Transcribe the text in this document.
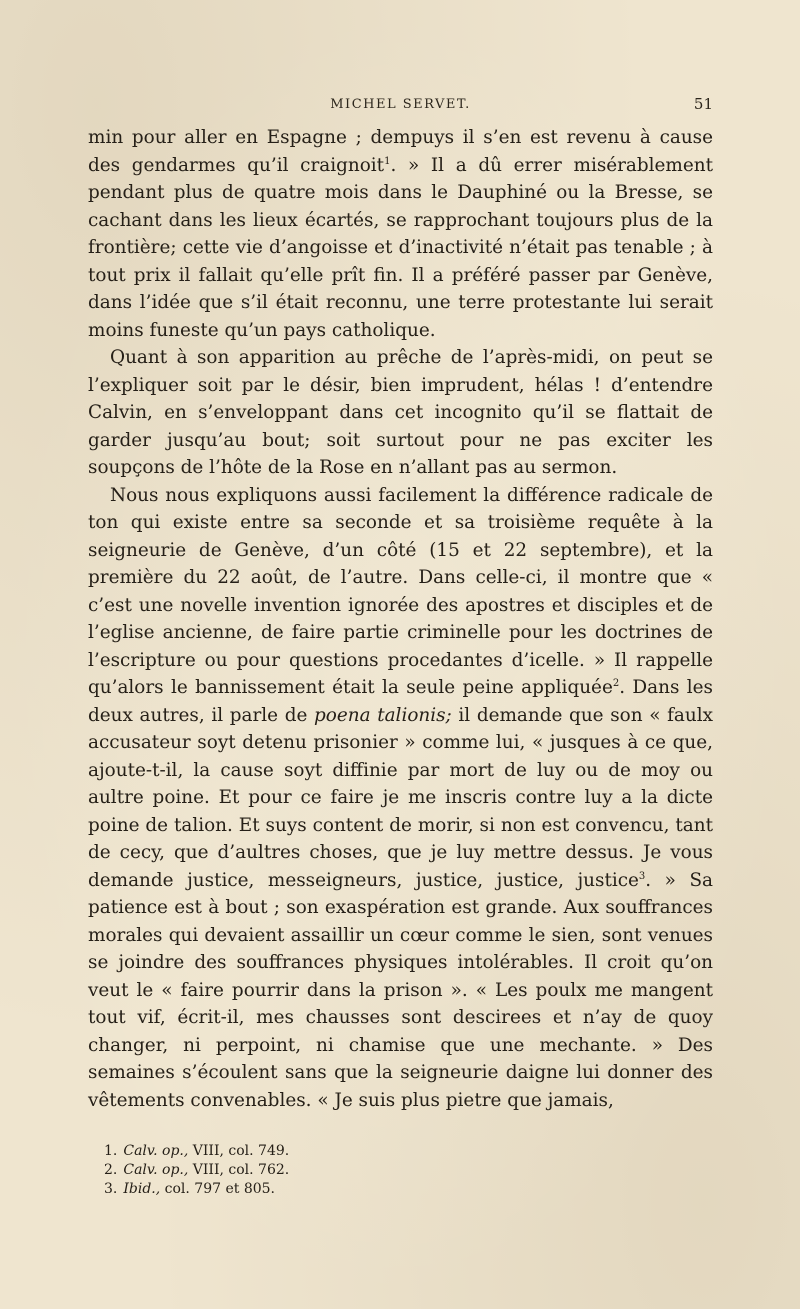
MICHEL SERVET.	51

min pour aller en Espagne ; dempuys il s’en est revenu à cause des gendarmes qu’il craignoit$^1$. » Il a dû errer misérablement pendant plus de quatre mois dans le Dauphiné ou la Bresse, se cachant dans les lieux écartés, se rapprochant toujours plus de la frontière; cette vie d’angoisse et d’inactivité n’était pas tenable ; à tout prix il fallait qu’elle prît fin. Il a préféré passer par Genève, dans l’idée que s’il était reconnu, une terre protestante lui serait moins funeste qu’un pays catholique.

Quant à son apparition au prêche de l’après-midi, on peut se l’expliquer soit par le désir, bien imprudent, hélas ! d’entendre Calvin, en s’enveloppant dans cet incognito qu’il se flattait de garder jusqu’au bout; soit surtout pour ne pas exciter les soupçons de l’hôte de la Rose en n’allant pas au sermon.

Nous nous expliquons aussi facilement la différence radicale de ton qui existe entre sa seconde et sa troisième requête à la seigneurie de Genève, d’un côté (15 et 22 septembre), et la première du 22 août, de l’autre. Dans celle-ci, il montre que « c’est une novelle invention ignorée des apostres et disciples et de l’eglise ancienne, de faire partie criminelle pour les doctrines de l’escripture ou pour questions procedantes d’icelle. » Il rappelle qu’alors le bannissement était la seule peine appliquée$^2$. Dans les deux autres, il parle de poena talionis; il demande que son « faulx accusateur soyt detenu prisonier » comme lui, « jusques à ce que, ajoute-t-il, la cause soyt diffinie par mort de luy ou de moy ou aultre poine. Et pour ce faire je me inscris contre luy a la dicte poine de talion. Et suys content de morir, si non est convencu, tant de cecy, que d’aultres choses, que je luy mettre dessus. Je vous demande justice, messeigneurs, justice, justice, justice$^3$. » Sa patience est à bout ; son exaspération est grande. Aux souffrances morales qui devaient assaillir un cœur comme le sien, sont venues se joindre des souffrances physiques intolérables. Il croit qu’on veut le « faire pourrir dans la prison ». « Les poulx me mangent tout vif, écrit-il, mes chausses sont descirees et n’ay de quoy changer, ni perpoint, ni chamise que une mechante. » Des semaines s’écoulent sans que la seigneurie daigne lui donner des vêtements convenables. « Je suis plus pietre que jamais,

1. Calv. op., VIII, col. 749.
2. Calv. op., VIII, col. 762.
3. Ibid., col. 797 et 805.
